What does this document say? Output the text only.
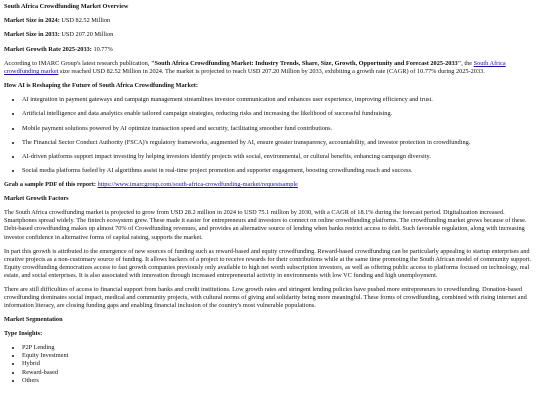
South Africa Crowdfunding Market Overview
Market Size in 2024: USD 82.52 Million
Market Size in 2033: USD 207.20 Million
Market Growth Rate 2025-2033: 10.77%

According to IMARC Group's latest research publication, "South Africa Crowdfunding Market: Industry Trends, Share, Size, Growth, Opportunity and Forecast 2025-2033", the South Africa crowdfunding market size reached USD 82.52 Million in 2024. The market is projected to reach USD 207.20 Million by 2033, exhibiting a growth rate (CAGR) of 10.77% during 2025-2033.

How AI is Reshaping the Future of South Africa Crowdfunding Market:
• AI integration in payment gateways and campaign management streamlines investor communication and enhances user experience, improving efficiency and trust.
• Artificial intelligence and data analytics enable tailored campaign strategies, reducing risks and increasing the likelihood of successful fundraising.
• Mobile payment solutions powered by AI optimize transaction speed and security, facilitating smoother fund contributions.
• The Financial Sector Conduct Authority (FSCA)'s regulatory frameworks, augmented by AI, ensure greater transparency, accountability, and investor protection in crowdfunding.
• AI-driven platforms support impact investing by helping investors identify projects with social, environmental, or cultural benefits, enhancing campaign diversity.
• Social media platforms fueled by AI algorithms assist in real-time project promotion and supporter engagement, boosting crowdfunding reach and success.
Grab a sample PDF of this report: https://www.imarcgroup.com/south-africa-crowdfunding-market/requestsample
Market Growth Factors

The South Africa crowdfunding market is projected to grow from USD 28.2 million in 2024 to USD 75.1 million by 2030, with a CAGR of 18.1% during the forecast period. Digitalization increased. Smartphones spread widely. The fintech ecosystem grew. These made it easier for entrepreneurs and investors to connect on online crowdfunding platforms. The crowdfunding market grows because of these. Debt-based crowdfunding makes up almost 70% of Crowdfunding revenues, and provides an alternative source of lending when banks restrict access to debt. Such favorable regulation, along with increasing investor confidence in alternative forms of capital raising, supports the market.

In part this growth is attributed to the emergence of new sources of funding such as reward-based and equity crowdfunding. Reward-based crowdfunding can be particularly appealing to startup enterprises and creative projects as a non-customary source of funding. It allows backers of a project to receive rewards for their contributions while at the same time promoting the South African model of community support. Equity crowdfunding democratizes access to fast growth companies previously only available to high net worth subscription investors, as well as offering public access to platforms focused on technology, real estate, and social enterprises. It is also associated with innovation through increased entrepreneurial activity in environments with low VC funding and high unemployment.

There are still difficulties of access to financial support from banks and credit institutions. Low growth rates and stringent lending policies have pushed more entrepreneurs to crowdfunding. Donation-based crowdfunding dominates social impact, medical and community projects, with cultural norms of giving and solidarity being more meaningful. These forms of crowdfunding, combined with rising internet and information literacy, are closing funding gaps and enabling financial inclusion of the country's most vulnerable populations.

Market Segmentation
Type Insights:
• P2P Lending
• Equity Investment
• Hybrid
• Reward-based
• Others
